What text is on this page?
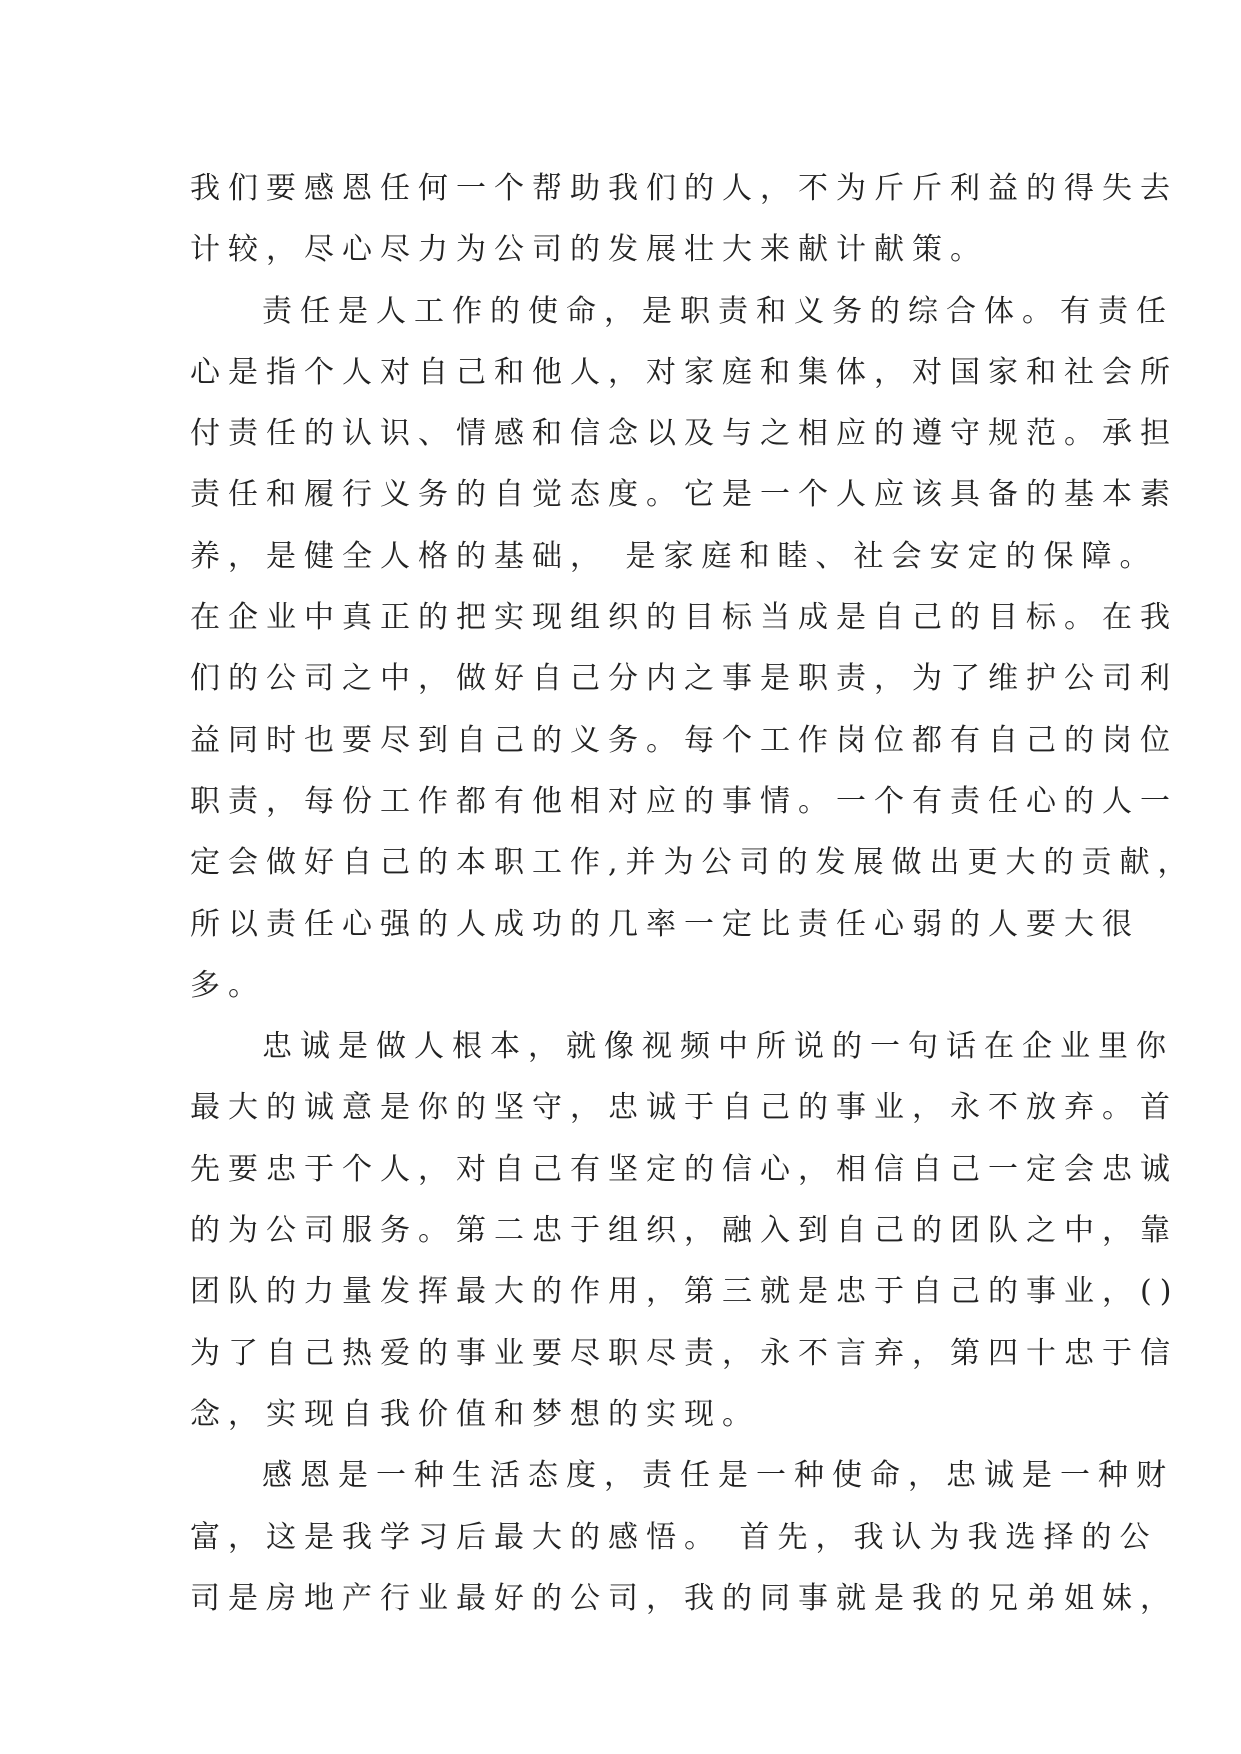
我们要感恩任何一个帮助我们的人，不为斤斤利益的得失去

计较，尽心尽力为公司的发展壮大来献计献策。

责任是人工作的使命，是职责和义务的综合体。有责任

心是指个人对自己和他人，对家庭和集体，对国家和社会所

付责任的认识、情感和信念以及与之相应的遵守规范。承担

责任和履行义务的自觉态度。它是一个人应该具备的基本素

养，是健全人格的基础， 是家庭和睦、社会安定的保障。

在企业中真正的把实现组织的目标当成是自己的目标。在我

们的公司之中，做好自己分内之事是职责，为了维护公司利

益同时也要尽到自己的义务。每个工作岗位都有自己的岗位

职责，每份工作都有他相对应的事情。一个有责任心的人一

定会做好自己的本职工作,并为公司的发展做出更大的贡献，

所以责任心强的人成功的几率一定比责任心弱的人要大很

多。

忠诚是做人根本，就像视频中所说的一句话在企业里你

最大的诚意是你的坚守，忠诚于自己的事业，永不放弃。首

先要忠于个人，对自己有坚定的信心，相信自己一定会忠诚

的为公司服务。第二忠于组织，融入到自己的团队之中，靠

团队的力量发挥最大的作用，第三就是忠于自己的事业，()

为了自己热爱的事业要尽职尽责，永不言弃，第四十忠于信

念，实现自我价值和梦想的实现。

感恩是一种生活态度，责任是一种使命，忠诚是一种财

富，这是我学习后最大的感悟。 首先，我认为我选择的公

司是房地产行业最好的公司，我的同事就是我的兄弟姐妹，
